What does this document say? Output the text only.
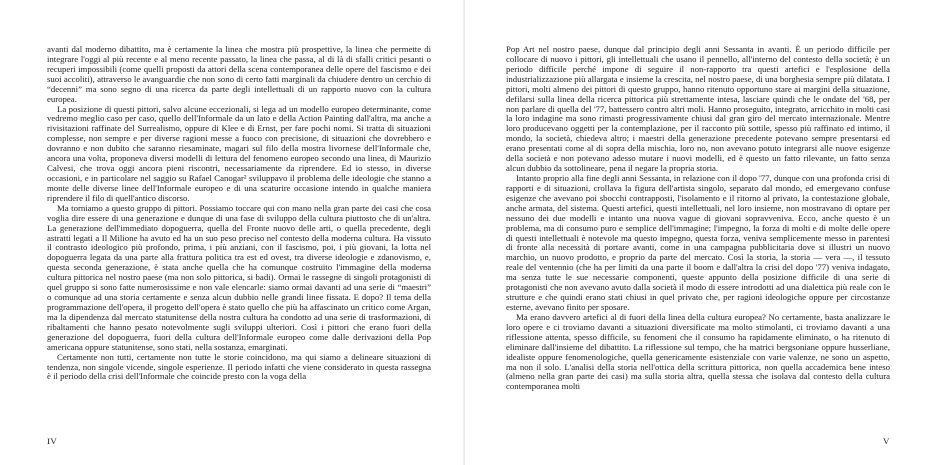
avanti dal moderno dibattito, ma è certamente la linea che mostra più prospettive, la linea che permette di integrare l'oggi al più recente e al meno recente passato, la linea che passa, al di là di sfalli critici pesanti o recuperi impossibili (come quelli proposti da attori della scena contemporanea delle opere del fascismo e dei suoi accoliti), attraverso le avanguardie che non sono di certo fatti marginali da chiudere dentro un cerchio di “decenni” ma sono segno di una ricerca da parte degli intellettuali di un rapporto nuovo con la cultura europea.

La posizione di questi pittori, salvo alcune eccezionali, si lega ad un modello europeo determinante, come vedremo meglio caso per caso, quello dell'Informale da un lato e della Action Painting dall'altra, ma anche a rivisitazioni raffinate del Surrealismo, oppure di Klee e di Ernst, per fare pochi nomi. Si tratta di situazioni complesse, non sempre e per diverse ragioni messe a fuoco con precisione, di situazioni che dovrebbero e dovranno e non dubito che saranno riesaminate, magari sul filo della mostra livornese dell'Informale che, ancora una volta, proponeva diversi modelli di lettura del fenomeno europeo secondo una linea, di Maurizio Calvesi, che trova oggi ancora pieni riscontri, necessariamente da riprendere. Ed io stesso, in diverse occasioni, e in particolare nel saggio su Rafael Canogar² sviluppavo il problema delle ideologie che stanno a monte delle diverse linee dell'Informale europeo e di una scaturire occasione intendo in qualche maniera riprendere il filo di quell'antico discorso.

Ma torniamo a questo gruppo di pittori. Possiamo toccare qui con mano nella gran parte dei casi che cosa voglia dire essere di una generazione e dunque di una fase di sviluppo della cultura piuttosto che di un'altra. La generazione dell'immediato dopoguerra, quella del Fronte nuovo delle arti, o quella precedente, degli astratti legati a Il Milione ha avuto ed ha un suo peso preciso nel contesto della moderna cultura. Ha vissuto il contrasto ideologico più profondo, prima, i più anziani, con il fascismo, poi, i più giovani, la lotta nel dopoguerra legata da una parte alla frattura politica tra est ed ovest, tra diverse ideologie e zdanovismo, e, questa seconda generazione, è stata anche quella che ha comunque costruito l'immagine della moderna cultura pittorica nel nostro paese (ma non solo pittorica, si badi). Ormai le rassegne di singoli protagonisti di quel gruppo si sono fatte numerosissime e non vale elencarle: siamo ormai davanti ad una serie di “maestri” o comunque ad una storia certamente e senza alcun dubbio nelle grandi linee fissata. E dopo? Il tema della programmazione dell'opera, il progetto dell'opera è stato quello che più ha affascinato un critico come Argan, ma la dipendenza dal mercato statunitense della nostra cultura ha condotto ad una serie di trasformazioni, di ribaltamenti che hanno pesato notevolmente sugli sviluppi ulteriori. Così i pittori che erano fuori della generazione del dopoguerra, fuori della cultura dell'Informale europeo come dalle derivazioni della Pop americana oppure statunitense, sono stati, nella sostanza, emarginati.

Certamente non tutti, certamente non tutte le storie coincidono, ma qui siamo a delineare situazioni di tendenza, non singole vicende, singole esperienze. Il periodo infatti che viene considerato in questa rassegna è il periodo della crisi dell'Informale che coincide presto con la voga della

IV

Pop Art nel nostro paese, dunque dal principio degli anni Sessanta in avanti. È un periodo difficile per collocare di nuovo i pittori, gli intellettuali che usano il pennello, all'interno del contesto della società; è un periodo difficile perché impone di seguire il non-rapporto tra questi artefici e l'esplosione della industrializzazione più allargata e insieme la crescita, nel nostro paese, di una borghesia sempre più dilatata. I pittori, molti almeno dei pittori di questo gruppo, hanno ritenuto opportuno stare ai margini della situazione, defilarsi sulla linea della ricerca pittorica più strettamente intesa, lasciare quindi che le ondate del '68, per non parlare di quella del '77, battessero contro altri moli. Hanno proseguito, integrato, arricchito in molti casi la loro indagine ma sono rimasti progressivamente chiusi dal gran giro del mercato internazionale. Mentre loro producevano oggetti per la contemplazione, per il racconto più sottile, spesso più raffinato ed intimo, il mondo, la società, chiedeva altro; i maestri della generazione precedente potevano sempre presentarsi ed erano presentati come al di sopra della mischia, loro no, non avevano potuto integrarsi alle nuove esigenze della società e non potevano adesso mutare i nuovi modelli, ed è questo un fatto rilevante, un fatto senza alcun dubbio da sottolineare, pena il negare la propria storia.

Intanto proprio alla fine degli anni Sessanta, in relazione con il dopo '77, dunque con una profonda crisi di rapporti e di situazioni, crollava la figura dell'artista singolo, separato dal mondo, ed emergevano confuse esigenze che avevano poi sbocchi contrapposti, l'isolamento e il ritorno al privato, la contestazione globale, anche armata, del sistema. Questi artefici, questi intellettuali, nel loro insieme, non mostravano di optare per nessuno dei due modelli e intanto una nuova vague di giovani sopravveniva. Ecco, anche questo è un problema, ma di consumo puro e semplice dell'immagine; l'impegno, la forza di molti e di molte delle opere di questi intellettuali è notevole ma questo impegno, questa forza, veniva semplicemente messo in parentesi di fronte alla necessità di portare avanti, come in una campagna pubblicitaria dove si illustri un nuovo marchio, un nuovo prodotto, e proprio da parte del mercato. Così la storia, la storia — vera —, il tessuto reale del ventennio (che ha per limiti da una parte il boom e dall'altra la crisi del dopo '77) veniva indagato, ma senza tutte le sue necessarie componenti, queste appunto della posizione difficile di una serie di protagonisti che non avevano avuto dalla società il modo di essere introdotti ad una dialettica più reale con le strutture e che quindi erano stati chiusi in quel privato che, per ragioni ideologiche oppure per circostanze esterne, avevano finito per sposare.

Ma erano davvero artefici al di fuori della linea della cultura europea? No certamente, basta analizzare le loro opere e ci troviamo davanti a situazioni diversificate ma molto stimolanti, ci troviamo davanti a una riflessione attenta, spesso difficile, su fenomeni che il consumo ha rapidamente eliminato, o ha ritenuto di eliminare dall'insieme del dibattito. La riflessione sul tempo, che ha matrici bergsoniane oppure husserliane, idealiste oppure fenomenologiche, quella genericamente esistenziale con varie valenze, ne sono un aspetto, ma non il solo. L'analisi della storia nell'ottica della scrittura pittorica, non quella accademica bene inteso (almeno nella gran parte dei casi) ma sulla storia altra, quella stessa che isolava dal contesto della cultura contemporanea molti

V
